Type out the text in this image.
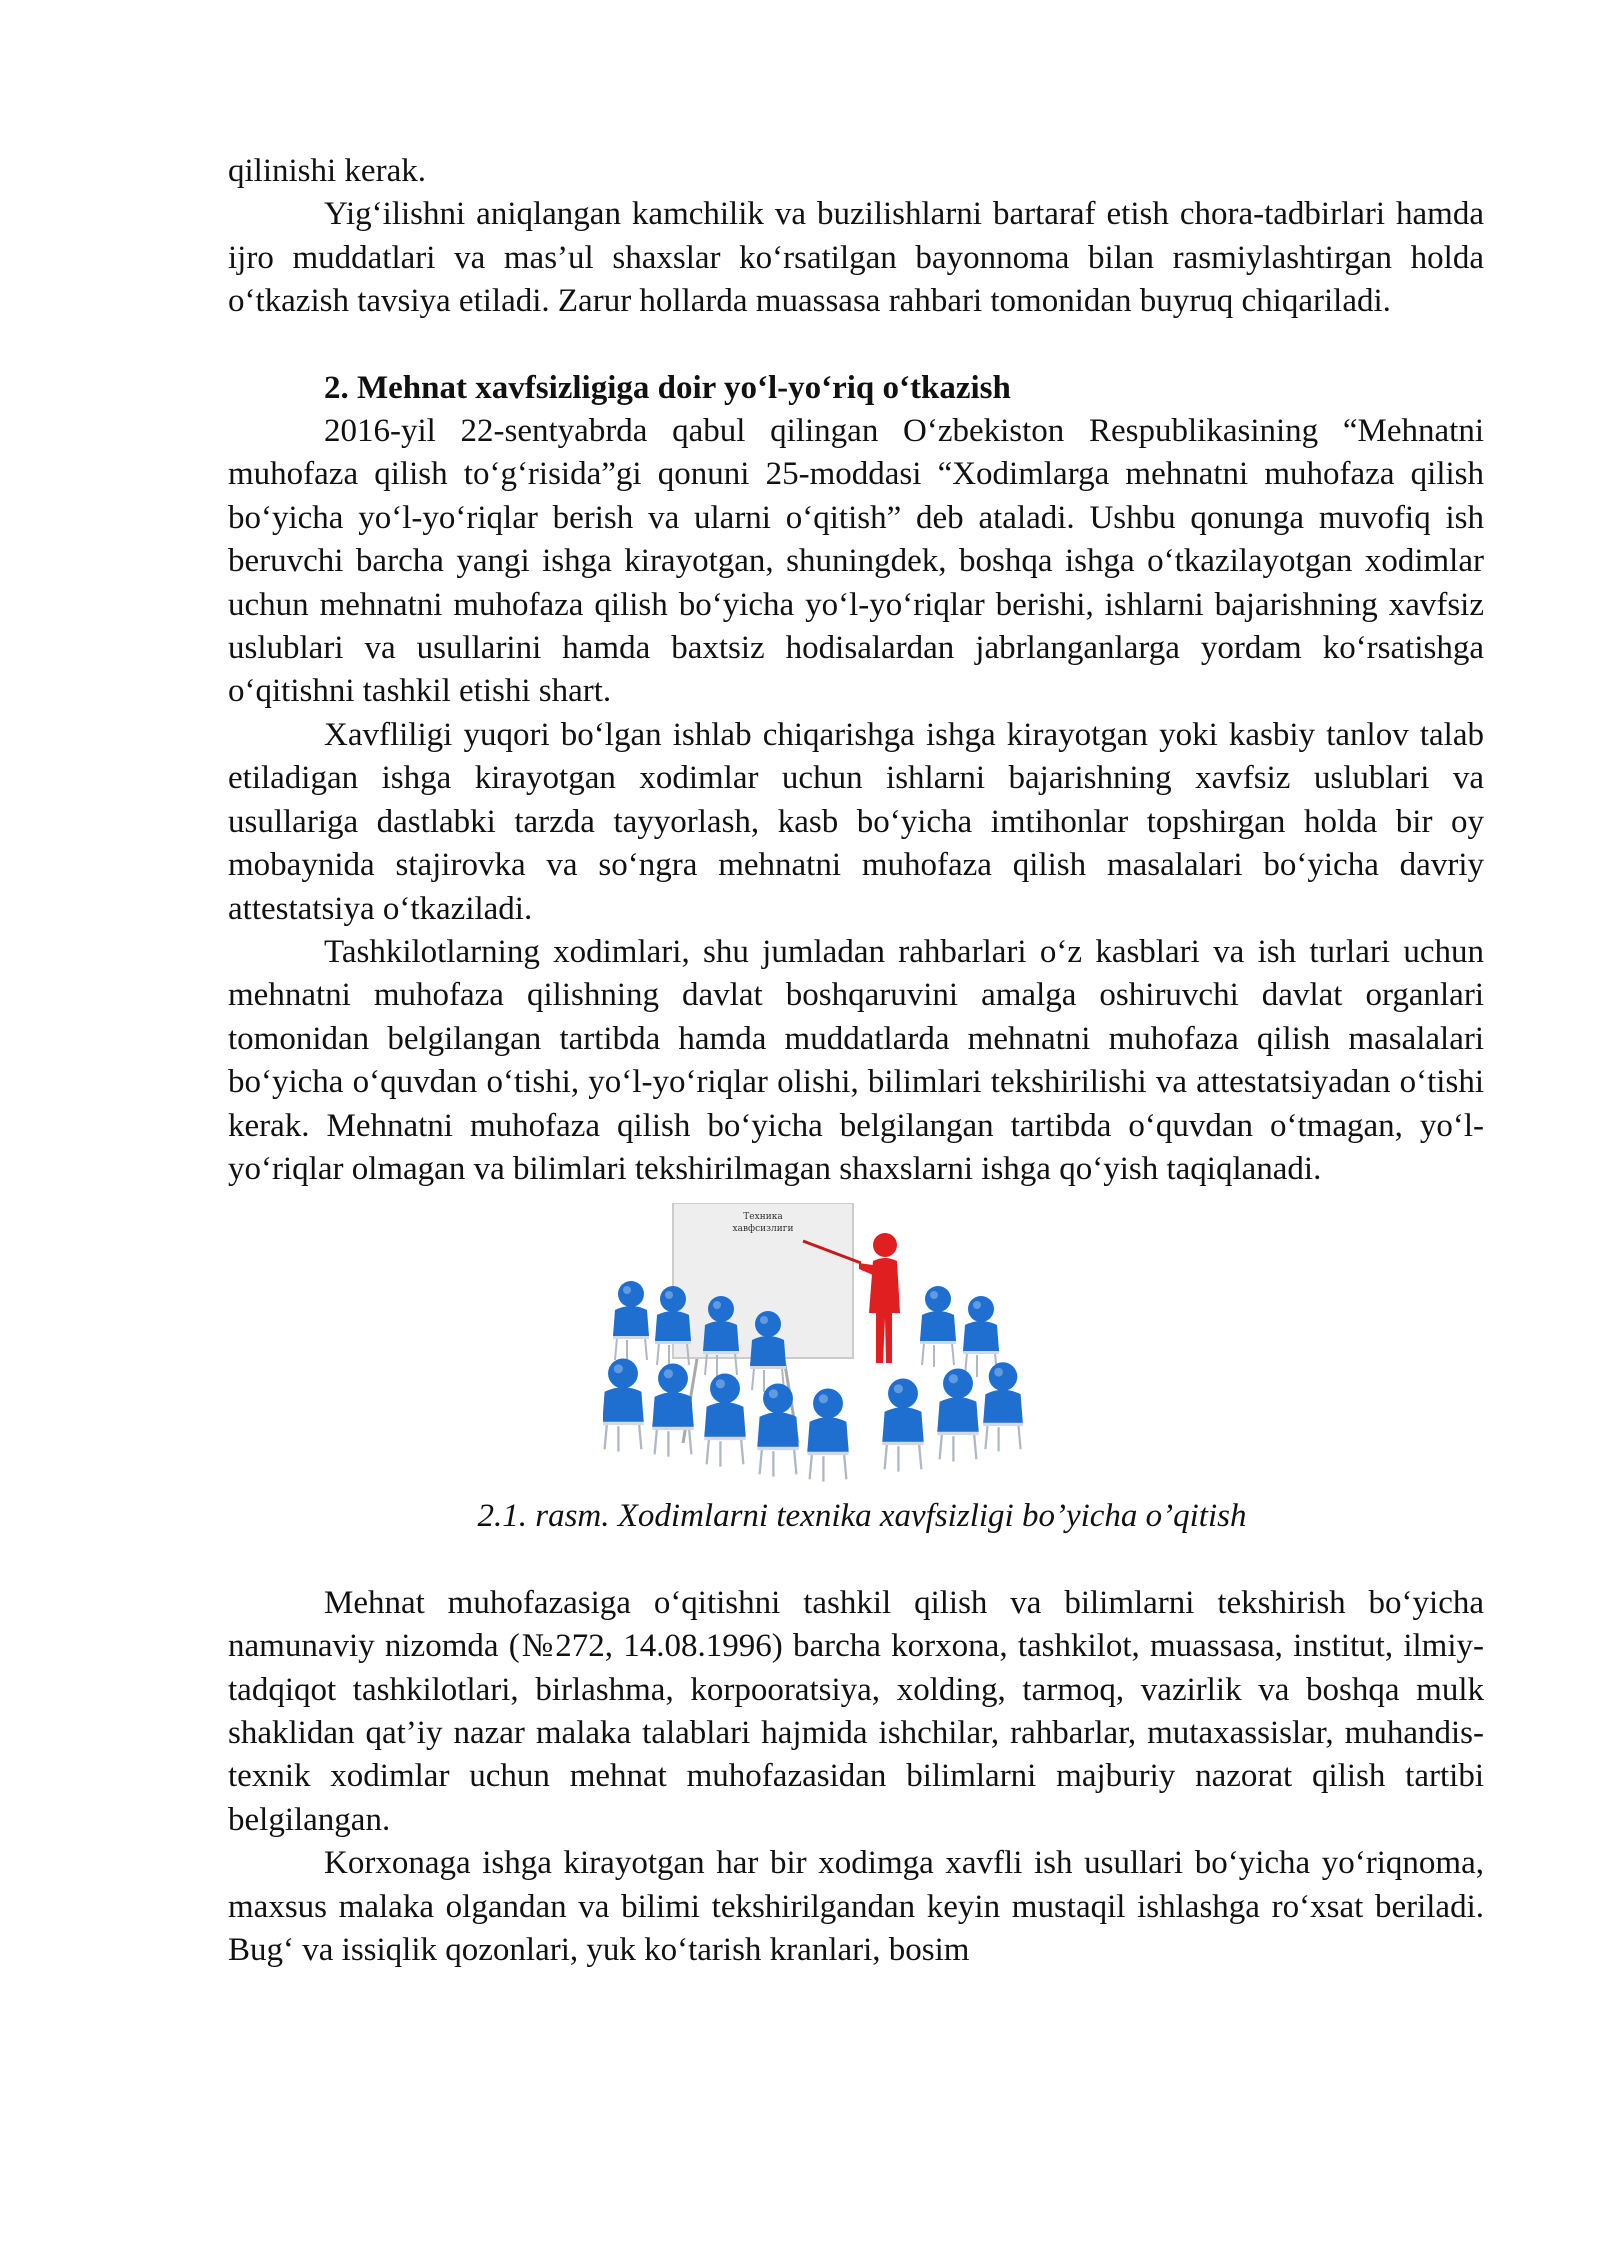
qilinishi kerak.

Yig‘ilishni aniqlangan kamchilik va buzilishlarni bartaraf etish chora-tadbirlari hamda ijro muddatlari va mas’ul shaxslar ko‘rsatilgan bayonnoma bilan rasmiylashtirgan holda o‘tkazish tavsiya etiladi. Zarur hollarda muassasa rahbari tomonidan buyruq chiqariladi.

2. Mehnat xavfsizligiga doir yo‘l-yo‘riq o‘tkazish

2016-yil 22-sentyabrda qabul qilingan O‘zbekiston Respublikasining “Mehnatni muhofaza qilish to‘g‘risida”gi qonuni 25-moddasi “Xodimlarga mehnatni muhofaza qilish bo‘yicha yo‘l-yo‘riqlar berish va ularni o‘qitish” deb ataladi. Ushbu qonunga muvofiq ish beruvchi barcha yangi ishga kirayotgan, shuningdek, boshqa ishga o‘tkazilayotgan xodimlar uchun mehnatni muhofaza qilish bo‘yicha yo‘l-yo‘riqlar berishi, ishlarni bajarishning xavfsiz uslublari va usullarini hamda baxtsiz hodisalardan jabrlanganlarga yordam ko‘rsatishga o‘qitishni tashkil etishi shart.

Xavfliligi yuqori bo‘lgan ishlab chiqarishga ishga kirayotgan yoki kasbiy tanlov talab etiladigan ishga kirayotgan xodimlar uchun ishlarni bajarishning xavfsiz uslublari va usullariga dastlabki tarzda tayyorlash, kasb bo‘yicha imtihonlar topshirgan holda bir oy mobaynida stajirovka va so‘ngra mehnatni muhofaza qilish masalalari bo‘yicha davriy attestatsiya o‘tkaziladi.

Tashkilotlarning xodimlari, shu jumladan rahbarlari o‘z kasblari va ish turlari uchun mehnatni muhofaza qilishning davlat boshqaruvini amalga oshiruvchi davlat organlari tomonidan belgilangan tartibda hamda muddatlarda mehnatni muhofaza qilish masalalari bo‘yicha o‘quvdan o‘tishi, yo‘l-yo‘riqlar olishi, bilimlari tekshirilishi va attestatsiyadan o‘tishi kerak. Mehnatni muhofaza qilish bo‘yicha belgilangan tartibda o‘quvdan o‘tmagan, yo‘l-yo‘riqlar olmagan va bilimlari tekshirilmagan shaxslarni ishga qo‘yish taqiqlanadi.

Техника
хавфсизлиги

2.1. rasm. Xodimlarni texnika xavfsizligi bo’yicha o’qitish

Mehnat muhofazasiga o‘qitishni tashkil qilish va bilimlarni tekshirish bo‘yicha namunaviy nizomda (№272, 14.08.1996) barcha korxona, tashkilot, muassasa, institut, ilmiy-tadqiqot tashkilotlari, birlashma, korpooratsiya, xolding, tarmoq, vazirlik va boshqa mulk shaklidan qat’iy nazar malaka talablari hajmida ishchilar, rahbarlar, mutaxassislar, muhandis-texnik xodimlar uchun mehnat muhofazasidan bilimlarni majburiy nazorat qilish tartibi belgilangan.

Korxonaga ishga kirayotgan har bir xodimga xavfli ish usullari bo‘yicha yo‘riqnoma, maxsus malaka olgandan va bilimi tekshirilgandan keyin mustaqil ishlashga ro‘xsat beriladi. Bug‘ va issiqlik qozonlari, yuk ko‘tarish kranlari, bosim
